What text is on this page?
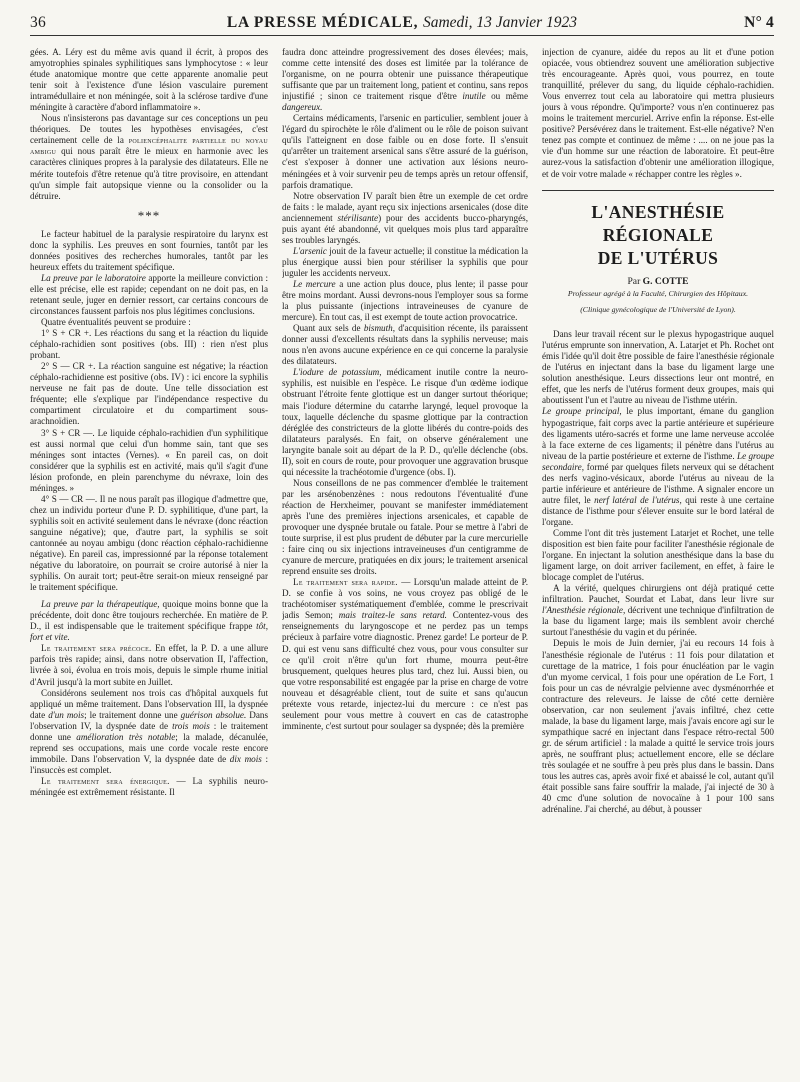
36	LA PRESSE MÉDICALE, Samedi, 13 Janvier 1923	N° 4

gées. A. Léry est du même avis quand il écrit, à propos des amyotrophies spinales syphilitiques sans lymphocytose : « leur étude anatomique montre que cette apparente anomalie peut tenir soit à l'existence d'une lésion vasculaire purement intramédullaire et non méningée, soit à la sclérose tardive d'une méningite à caractère d'abord inflammatoire ».

Nous n'insisterons pas davantage sur ces conceptions un peu théoriques. De toutes les hypothèses envisagées, c'est certainement celle de la poliencéphalite partielle du noyau ambigu qui nous paraît être le mieux en harmonie avec les caractères cliniques propres à la paralysie des dilatateurs. Elle ne mérite toutefois d'être retenue qu'à titre provisoire, en attendant qu'un simple fait autopsique vienne ou la consolider ou la détruire.

***

Le facteur habituel de la paralysie respiratoire du larynx est donc la syphilis. Les preuves en sont fournies, tantôt par les données positives des recherches humorales, tantôt par les heureux effets du traitement spécifique.

La preuve par le laboratoire apporte la meilleure conviction : elle est précise, elle est rapide; cependant on ne doit pas, en la retenant seule, juger en dernier ressort, car certains concours de circonstances faussent parfois nos plus légitimes conclusions.

Quatre éventualités peuvent se produire :

1° S + CR +. Les réactions du sang et la réaction du liquide céphalo-rachidien sont positives (obs. III) : rien n'est plus probant.

2° S — CR +. La réaction sanguine est négative; la réaction céphalo-rachidienne est positive (obs. IV) : ici encore la syphilis nerveuse ne fait pas de doute. Une telle dissociation est fréquente; elle s'explique par l'indépendance respective du compartiment circulatoire et du compartiment sous-arachnoïdien.

3° S + CR —. Le liquide céphalo-rachidien d'un syphilitique est aussi normal que celui d'un homme sain, tant que ses méninges sont intactes (Vernes). « En pareil cas, on doit considérer que la syphilis est en activité, mais qu'il s'agit d'une lésion profonde, en plein parenchyme du névraxe, loin des méninges. »

4° S — CR —. Il ne nous paraît pas illogique d'admettre que, chez un individu porteur d'une P. D. syphilitique, d'une part, la syphilis soit en activité seulement dans le névraxe (donc réaction sanguine négative); que, d'autre part, la syphilis se soit cantonnée au noyau ambigu (donc réaction céphalo-rachidienne négative). En pareil cas, impressionné par la réponse totalement négative du laboratoire, on pourrait se croire autorisé à nier la syphilis. On aurait tort; peut-être serait-on mieux renseigné par le traitement spécifique.

La preuve par la thérapeutique, quoique moins bonne que la précédente, doit donc être toujours recherchée. En matière de P. D., il est indispensable que le traitement spécifique frappe tôt, fort et vite.

Le traitement sera précoce. En effet, la P. D. a une allure parfois très rapide; ainsi, dans notre observation II, l'affection, livrée à soi, évolua en trois mois, depuis le simple rhume initial d'Avril jusqu'à la mort subite en Juillet.

Considérons seulement nos trois cas d'hôpital auxquels fut appliqué un même traitement. Dans l'observation III, la dyspnée date d'un mois; le traitement donne une guérison absolue. Dans l'observation IV, la dyspnée date de trois mois : le traitement donne une amélioration très notable; la malade, décanulée, reprend ses occupations, mais une corde vocale reste encore immobile. Dans l'observation V, la dyspnée date de dix mois : l'insuccès est complet.

Le traitement sera énergique. — La syphilis neuro-méningée est extrêmement résistante. Il

faudra donc atteindre progressivement des doses élevées; mais, comme cette intensité des doses est limitée par la tolérance de l'organisme, on ne pourra obtenir une puissance thérapeutique suffisante que par un traitement long, patient et continu, sans repos injustifié ; sinon ce traitement risque d'être inutile ou même dangereux.

Certains médicaments, l'arsenic en particulier, semblent jouer à l'égard du spirochète le rôle d'aliment ou le rôle de poison suivant qu'ils l'atteignent en dose faible ou en dose forte. Il s'ensuit qu'arrêter un traitement arsenical sans s'être assuré de la guérison, c'est s'exposer à donner une activation aux lésions neuro-méningées et à voir survenir peu de temps après un retour offensif, parfois dramatique.

Notre observation IV paraît bien être un exemple de cet ordre de faits : le malade, ayant reçu six injections arsenicales (dose dite anciennement stérilisante) pour des accidents bucco-pharyngés, puis ayant été abandonné, vit quelques mois plus tard apparaître ses troubles laryngés.

L'arsenic jouit de la faveur actuelle; il constitue la médication la plus énergique aussi bien pour stériliser la syphilis que pour juguler les accidents nerveux.

Le mercure a une action plus douce, plus lente; il passe pour être moins mordant. Aussi devrons-nous l'employer sous sa forme la plus puissante (injections intraveineuses de cyanure de mercure). En tout cas, il est exempt de toute action provocatrice.

Quant aux sels de bismuth, d'acquisition récente, ils paraissent donner aussi d'excellents résultats dans la syphilis nerveuse; mais nous n'en avons aucune expérience en ce qui concerne la paralysie des dilatateurs.

L'iodure de potassium, médicament inutile contre la neuro-syphilis, est nuisible en l'espèce. Le risque d'un œdème iodique obstruant l'étroite fente glottique est un danger surtout théorique; mais l'iodure détermine du catarrhe laryngé, lequel provoque la toux, laquelle déclenche du spasme glottique par la contraction déréglée des constricteurs de la glotte libérés du contre-poids des dilatateurs paralysés. En fait, on observe généralement une laryngite banale soit au départ de la P. D., qu'elle déclenche (obs. II), soit en cours de route, pour provoquer une aggravation brusque qui nécessite la trachéotomie d'urgence (obs. I).

Nous conseillons de ne pas commencer d'emblée le traitement par les arsénobenzènes : nous redoutons l'éventualité d'une réaction de Herxheimer, pouvant se manifester immédiatement après l'une des premières injections arsenicales, et capable de provoquer une dyspnée brutale ou fatale. Pour se mettre à l'abri de toute surprise, il est plus prudent de débuter par la cure mercurielle : faire cinq ou six injections intraveineuses d'un centigramme de cyanure de mercure, pratiquées en dix jours; le traitement arsenical reprend ensuite ses droits.

Le traitement sera rapide. — Lorsqu'un malade atteint de P. D. se confie à vos soins, ne vous croyez pas obligé de le trachéotomiser systématiquement d'emblée, comme le prescrivait jadis Semon; mais traitez-le sans retard. Contentez-vous des renseignements du laryngoscope et ne perdez pas un temps précieux à parfaire votre diagnostic. Prenez garde! Le porteur de P. D. qui est venu sans difficulté chez vous, pour vous consulter sur ce qu'il croit n'être qu'un fort rhume, mourra peut-être brusquement, quelques heures plus tard, chez lui. Aussi bien, ou que votre responsabilité est engagée par la prise en charge de votre nouveau et désagréable client, tout de suite et sans qu'aucun prétexte vous retarde, injectez-lui du mercure : ce n'est pas seulement pour vous mettre à couvert en cas de catastrophe imminente, c'est surtout pour soulager sa dyspnée; dès la première

injection de cyanure, aidée du repos au lit et d'une potion opiacée, vous obtiendrez souvent une amélioration subjective très encourageante. Après quoi, vous pourrez, en toute tranquillité, prélever du sang, du liquide céphalo-rachidien. Vous enverrez tout cela au laboratoire qui mettra plusieurs jours à vous répondre. Qu'importe? vous n'en continuerez pas moins le traitement mercuriel. Arrive enfin la réponse. Est-elle positive? Persévérez dans le traitement. Est-elle négative? N'en tenez pas compte et continuez de même : .... on ne joue pas la vie d'un homme sur une réaction de laboratoire. Et peut-être aurez-vous la satisfaction d'obtenir une amélioration illogique, et de voir votre malade « réchapper contre les règles ».

L'ANESTHÉSIE RÉGIONALE
DE L'UTÉRUS
Par G. COTTE
Professeur agrégé à la Faculté, Chirurgien des Hôpitaux.
(Clinique gynécologique de l'Université de Lyon).

Dans leur travail récent sur le plexus hypogastrique auquel l'utérus emprunte son innervation, A. Latarjet et Ph. Rochet ont émis l'idée qu'il doit être possible de faire l'anesthésie régionale de l'utérus en injectant dans la base du ligament large une solution anesthésique. Leurs dissections leur ont montré, en effet, que les nerfs de l'utérus forment deux groupes, mais qui aboutissent l'un et l'autre au niveau de l'isthme utérin.

Le groupe principal, le plus important, émane du ganglion hypogastrique, fait corps avec la partie antérieure et supérieure des ligaments utéro-sacrés et forme une lame nerveuse accolée à la face externe de ces ligaments; il pénètre dans l'utérus au niveau de la partie postérieure et externe de l'isthme. Le groupe secondaire, formé par quelques filets nerveux qui se détachent des nerfs vagino-vésicaux, aborde l'utérus au niveau de la partie inférieure et antérieure de l'isthme. A signaler encore un autre filet, le nerf latéral de l'utérus, qui reste à une certaine distance de l'isthme pour s'élever ensuite sur le bord latéral de l'organe.

Comme l'ont dit très justement Latarjet et Rochet, une telle disposition est bien faite pour faciliter l'anesthésie régionale de l'organe. En injectant la solution anesthésique dans la base du ligament large, on doit arriver facilement, en effet, à faire le blocage complet de l'utérus.

A la vérité, quelques chirurgiens ont déjà pratiqué cette infiltration. Pauchet, Sourdat et Labat, dans leur livre sur l'Anesthésie régionale, décrivent une technique d'infiltration de la base du ligament large; mais ils semblent avoir cherché surtout l'anesthésie du vagin et du périnée.

Depuis le mois de Juin dernier, j'ai eu recours 14 fois à l'anesthésie régionale de l'utérus : 11 fois pour dilatation et curettage de la matrice, 1 fois pour énucléation par le vagin d'un myome cervical, 1 fois pour une opération de Le Fort, 1 fois pour un cas de névralgie pelvienne avec dysménorrhée et contracture des releveurs. Je laisse de côté cette dernière observation, car non seulement j'avais infiltré, chez cette malade, la base du ligament large, mais j'avais encore agi sur le sympathique sacré en injectant dans l'espace rétro-rectal 500 gr. de sérum artificiel : la malade a quitté le service trois jours après, ne souffrant plus; actuellement encore, elle se déclare très soulagée et ne souffre à peu près plus dans le bassin. Dans tous les autres cas, après avoir fixé et abaissé le col, autant qu'il était possible sans faire souffrir la malade, j'ai injecté de 30 à 40 cmc d'une solution de novocaïne à 1 pour 100 sans adrénaline. J'ai cherché, au début, à pousser
